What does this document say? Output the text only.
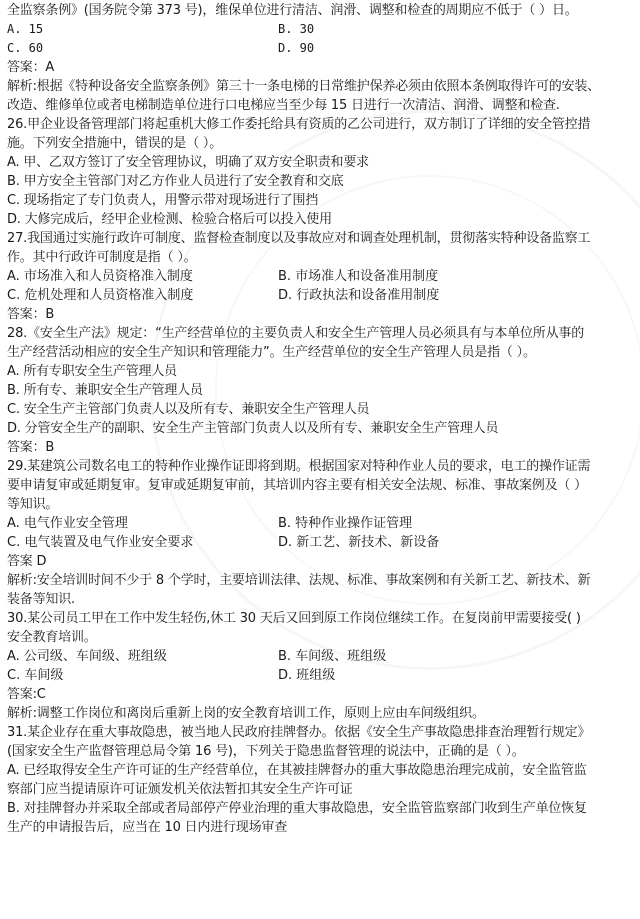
全监察条例》(国务院令第 373 号)，维保单位进行清洁、润滑、调整和检查的周期应不低于（ ）日。
A. 15	B. 30
C. 60	D. 90
答案：A
解析:根据《特种设备安全监察条例》第三十一条电梯的日常维护保养必须由依照本条例取得许可的安装、
改造、维修单位或者电梯制造单位进行口电梯应当至少每 15 日进行一次清洁、润滑、调整和检查.
26.甲企业设备管理部门将起重机大修工作委托给具有资质的乙公司进行，双方制订了详细的安全管控措
施。下列安全措施中，错误的是（ ）。
A. 甲、乙双方签订了安全管理协议，明确了双方安全职责和要求
B. 甲方安全主管部门对乙方作业人员进行了安全教育和交底
C. 现场指定了专门负责人，用警示带对现场进行了围挡
D. 大修完成后，经甲企业检测、检验合格后可以投入使用
27.我国通过实施行政许可制度、监督检查制度以及事故应对和调查处理机制，贯彻落实特种设备监察工
作。其中行政许可制度是指（ ）。
A. 市场准入和人员资格准入制度	B. 市场准人和设备准用制度
C. 危机处理和人员资格准入制度	D. 行政执法和设备准用制度
答案：B
28.《安全生产法》规定：“生产经营单位的主要负责人和安全生产管理人员必须具有与本单位所从事的
生产经营活动相应的安全生产知识和管理能力”。生产经营单位的安全生产管理人员是指（ ）。
A. 所有专职安全生产管理人员
B. 所有专、兼职安全生产管理人员
C. 安全生产主管部门负责人以及所有专、兼职安全生产管理人员
D. 分管安全生产的副职、安全生产主管部门负责人以及所有专、兼职安全生产管理人员
答案：B
29.某建筑公司数名电工的特种作业操作证即将到期。根据国家对特种作业人员的要求，电工的操作证需
要申请复审或延期复审。复审或延期复审前，其培训内容主要有相关安全法规、标准、事故案例及（ ）
等知识。
A. 电气作业安全管理	B. 特种作业操作证管理
C. 电气装置及电气作业安全要求	D. 新工艺、新技术、新设备
答案 D
解析:安全培训时间不少于 8 个学时，主要培训法律、法规、标准、事故案例和有关新工艺、新技术、新
装备等知识.
30.某公司员工甲在工作中发生轻伤,休工 30 天后又回到原工作岗位继续工作。在复岗前甲需要接受( )
安全教育培训。
A. 公司级、车间级、班组级	B. 车间级、班组级
C. 车间级	D. 班组级
答案:C
解析:调整工作岗位和离岗后重新上岗的安全教育培训工作，原则上应由车间级组织。
31.某企业存在重大事故隐患，被当地人民政府挂牌督办。依据《安全生产事故隐患排查治理暂行规定》
(国家安全生产监督管理总局令第 16 号)，下列关于隐患监督管理的说法中，正确的是（ ）。
A. 已经取得安全生产许可证的生产经营单位，在其被挂牌督办的重大事故隐患治理完成前，安全监管监
察部门应当提请原许可证颁发机关依法暂扣其安全生产许可证
B. 对挂牌督办并采取全部或者局部停产停业治理的重大事故隐患，安全监管监察部门收到生产单位恢复
生产的申请报告后，应当在 10 日内进行现场审查
